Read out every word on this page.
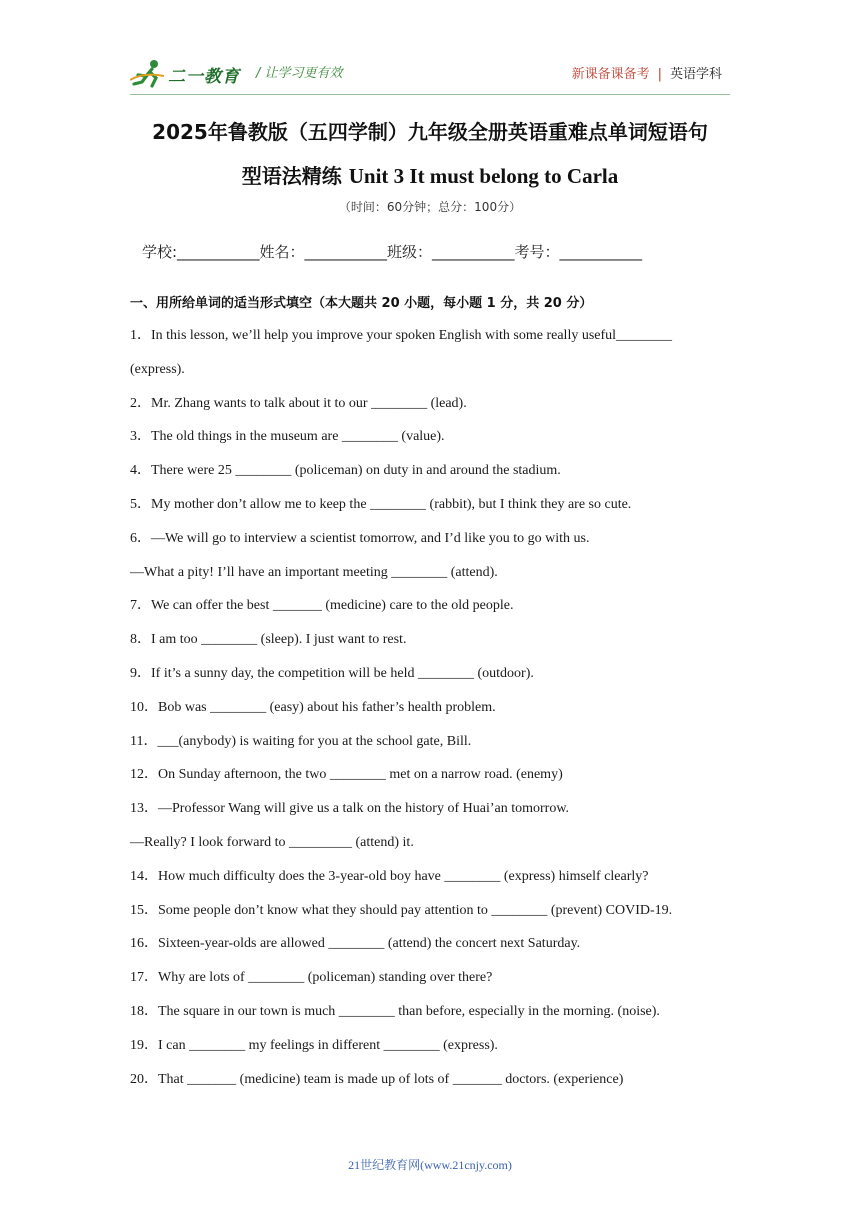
二一教育 / 让学习更有效	新课备课备考 | 英语学科
2025年鲁教版（五四学制）九年级全册英语重难点单词短语句
型语法精练 Unit 3 It must belong to Carla
（时间：60分钟；总分：100分）
学校:___________姓名：___________班级：___________考号：___________
一、用所给单词的适当形式填空（本大题共 20 小题，每小题 1 分，共 20 分）
1．In this lesson, we’ll help you improve your spoken English with some really useful________
(express).
2．Mr. Zhang wants to talk about it to our ________ (lead).
3．The old things in the museum are ________ (value).
4．There were 25 ________ (policeman) on duty in and around the stadium.
5．My mother don’t allow me to keep the ________ (rabbit), but I think they are so cute.
6．—We will go to interview a scientist tomorrow, and I’d like you to go with us.
—What a pity! I’ll have an important meeting ________ (attend).
7．We can offer the best _______ (medicine) care to the old people.
8．I am too ________ (sleep). I just want to rest.
9．If it’s a sunny day, the competition will be held ________ (outdoor).
10．Bob was ________ (easy) about his father’s health problem.
11．___(anybody) is waiting for you at the school gate, Bill.
12．On Sunday afternoon, the two ________ met on a narrow road. (enemy)
13．—Professor Wang will give us a talk on the history of Huai’an tomorrow.
—Really? I look forward to _________ (attend) it.
14．How much difficulty does the 3-year-old boy have ________ (express) himself clearly?
15．Some people don’t know what they should pay attention to ________ (prevent) COVID-19.
16．Sixteen-year-olds are allowed ________ (attend) the concert next Saturday.
17．Why are lots of ________ (policeman) standing over there?
18．The square in our town is much ________ than before, especially in the morning. (noise).
19．I can ________ my feelings in different ________ (express).
20．That _______ (medicine) team is made up of lots of _______ doctors. (experience)
21世纪教育网(www.21cnjy.com)
